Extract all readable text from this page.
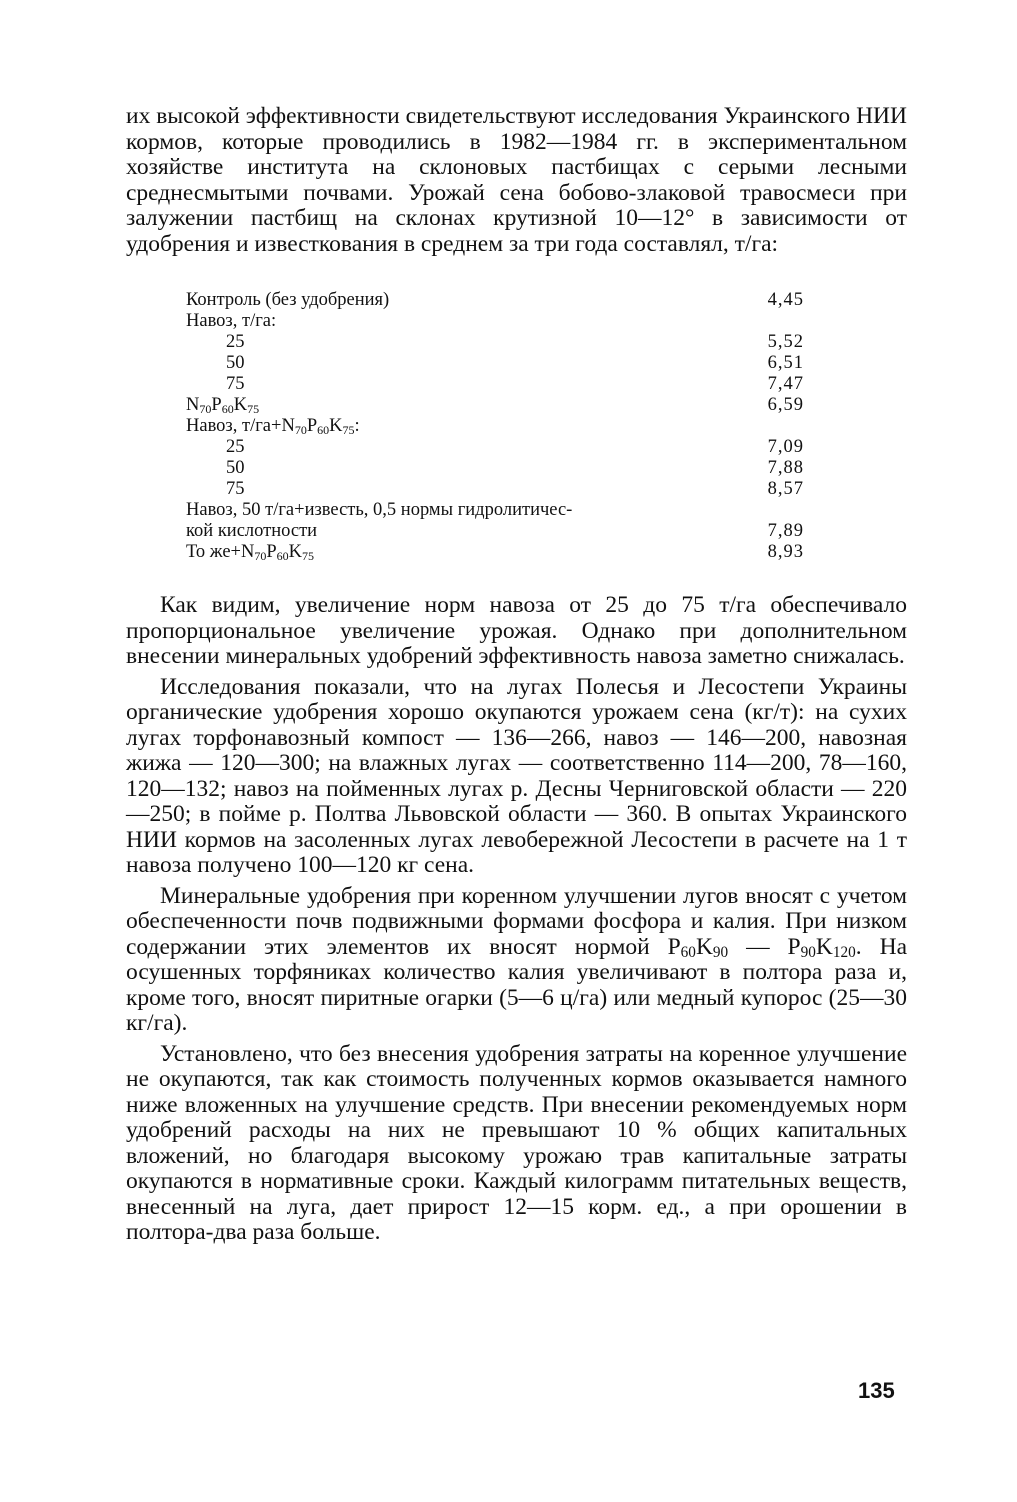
их высокой эффективности свидетельствуют исследования Украинского НИИ кормов, которые проводились в 1982—1984 гг. в экспериментальном хозяйстве института на склоновых пастбищах с серыми лесными среднесмытыми почвами. Урожай сена бобово-злаковой травосмеси при залужении пастбищ на склонах крутизной 10—12° в зависимости от удобрения и известкования в среднем за три года составлял, т/га:

Контроль (без удобрения)	4,45
Навоз, т/га:
25	5,52
50	6,51
75	7,47
$N_{70}P_{60}K_{75}$	6,59
Навоз, $т/га+N_{70}P_{60}K_{75}$:
25	7,09
50	7,88
75	8,57
Навоз, 50 т/га+известь, 0,5 нормы гидролитичес-
кой кислотности	7,89
То $же+N_{70}P_{60}K_{75}$	8,93

Как видим, увеличение норм навоза от 25 до 75 т/га обеспечивало пропорциональное увеличение урожая. Однако при дополнительном внесении минеральных удобрений эффективность навоза заметно снижалась.

Исследования показали, что на лугах Полесья и Лесостепи Украины органические удобрения хорошо окупаются урожаем сена (кг/т): на сухих лугах торфонавозный компост — 136—266, навоз — 146—200, навозная жижа — 120—300; на влажных лугах — соответственно 114—200, 78—160, 120—132; навоз на пойменных лугах р. Десны Черниговской области — 220—250; в пойме р. Полтва Львовской области — 360. В опытах Украинского НИИ кормов на засоленных лугах левобережной Лесостепи в расчете на 1 т навоза получено 100—120 кг сена.

Минеральные удобрения при коренном улучшении лугов вносят с учетом обеспеченности почв подвижными формами фосфора и калия. При низком содержании этих элементов их вносят нормой $P_{60}K_{90}$ — $P_{90}K_{120}$. На осушенных торфяниках количество калия увеличивают в полтора раза и, кроме того, вносят пиритные огарки (5—6 ц/га) или медный купорос (25—30 кг/га).

Установлено, что без внесения удобрения затраты на коренное улучшение не окупаются, так как стоимость полученных кормов оказывается намного ниже вложенных на улучшение средств. При внесении рекомендуемых норм удобрений расходы на них не превышают 10 % общих капитальных вложений, но благодаря высокому урожаю трав капитальные затраты окупаются в нормативные сроки. Каждый килограмм питательных веществ, внесенный на луга, дает прирост 12—15 корм. ед., а при орошении в полтора-два раза больше.

135
